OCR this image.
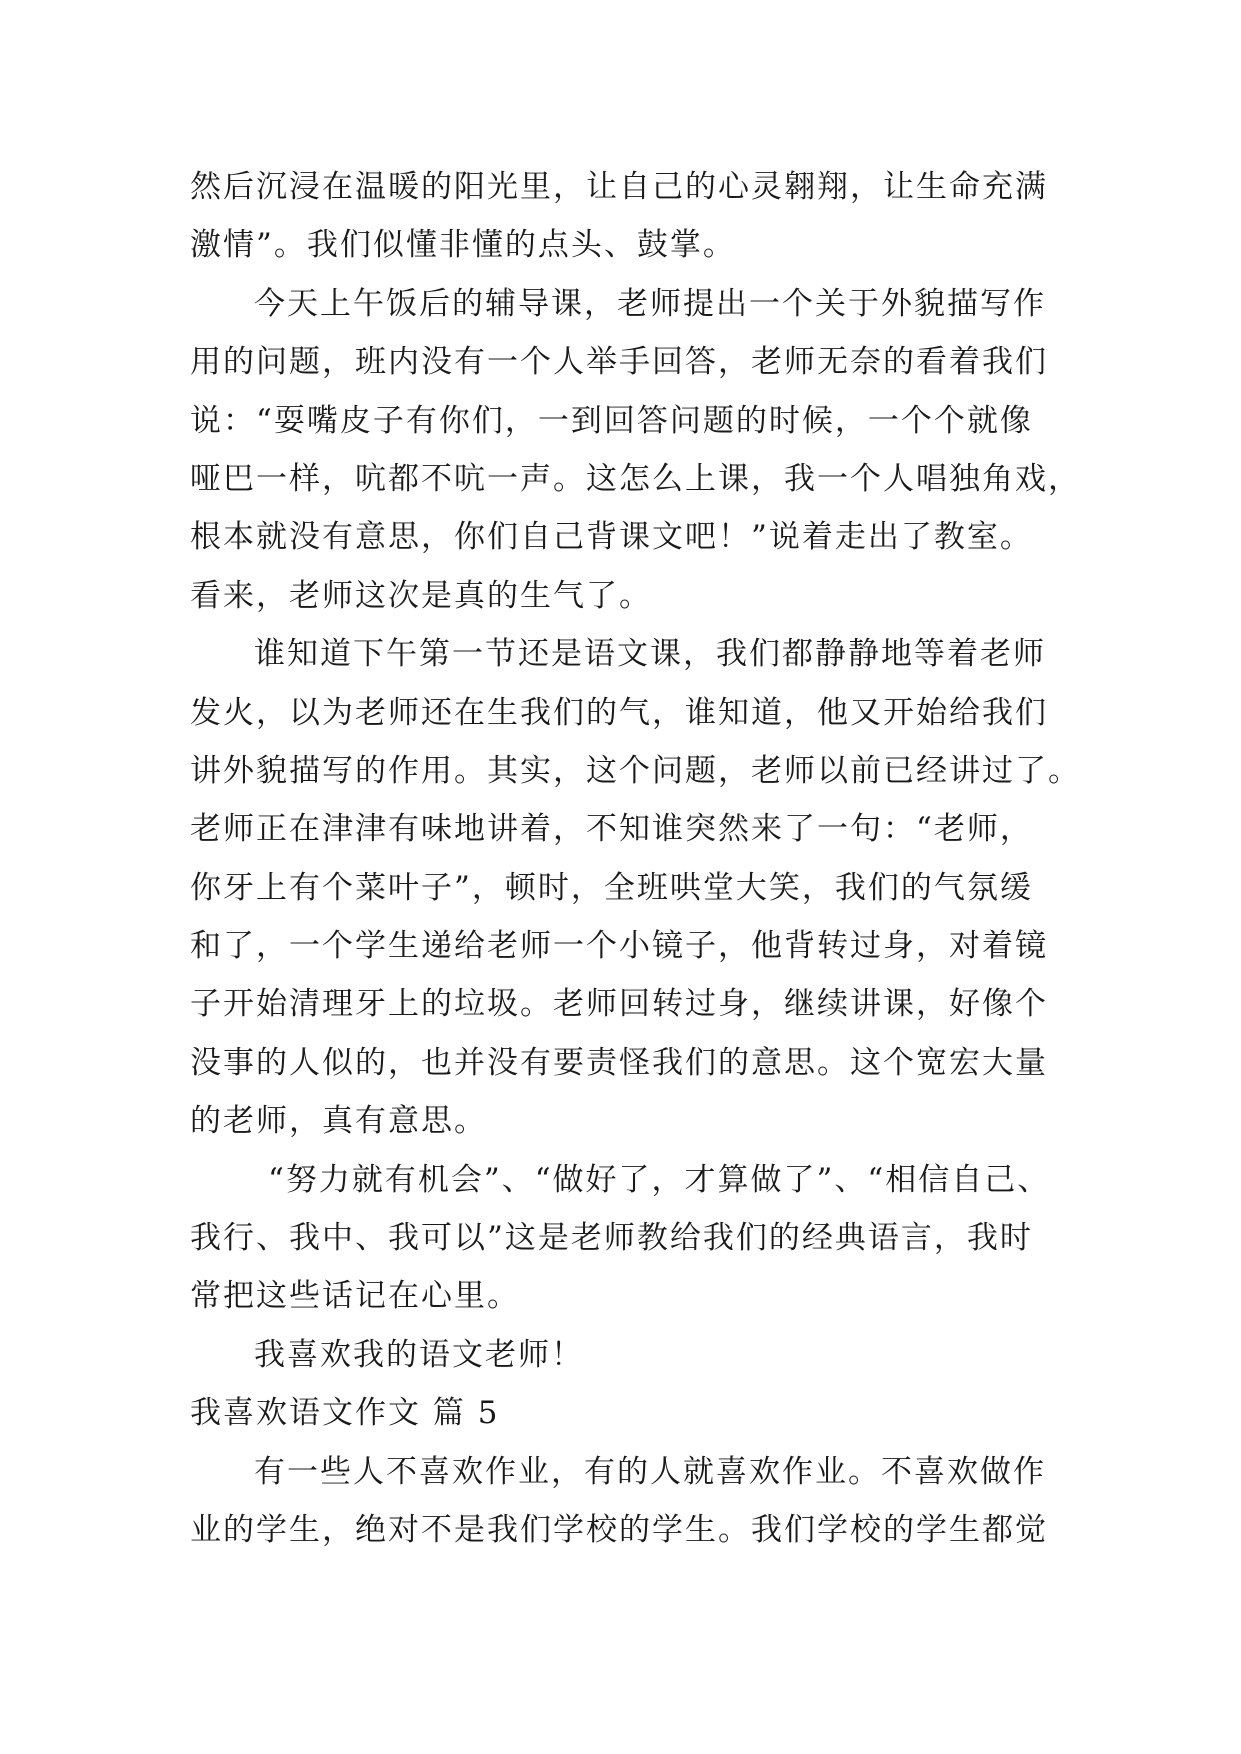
然后沉浸在温暖的阳光里，让自己的心灵翱翔，让生命充满
激情”。我们似懂非懂的点头、鼓掌。
今天上午饭后的辅导课，老师提出一个关于外貌描写作
用的问题，班内没有一个人举手回答，老师无奈的看着我们
说：“耍嘴皮子有你们，一到回答问题的时候，一个个就像
哑巴一样，吭都不吭一声。这怎么上课，我一个人唱独角戏，
根本就没有意思，你们自己背课文吧！”说着走出了教室。
看来，老师这次是真的生气了。
谁知道下午第一节还是语文课，我们都静静地等着老师
发火，以为老师还在生我们的气，谁知道，他又开始给我们
讲外貌描写的作用。其实，这个问题，老师以前已经讲过了。
老师正在津津有味地讲着，不知谁突然来了一句：“老师，
你牙上有个菜叶子”，顿时，全班哄堂大笑，我们的气氛缓
和了，一个学生递给老师一个小镜子，他背转过身，对着镜
子开始清理牙上的垃圾。老师回转过身，继续讲课，好像个
没事的人似的，也并没有要责怪我们的意思。这个宽宏大量
的老师，真有意思。
“努力就有机会”、“做好了，才算做了”、“相信自己、
我行、我中、我可以”这是老师教给我们的经典语言，我时
常把这些话记在心里。
我喜欢我的语文老师！
我喜欢语文作文 篇 5
有一些人不喜欢作业，有的人就喜欢作业。不喜欢做作
业的学生，绝对不是我们学校的学生。我们学校的学生都觉
